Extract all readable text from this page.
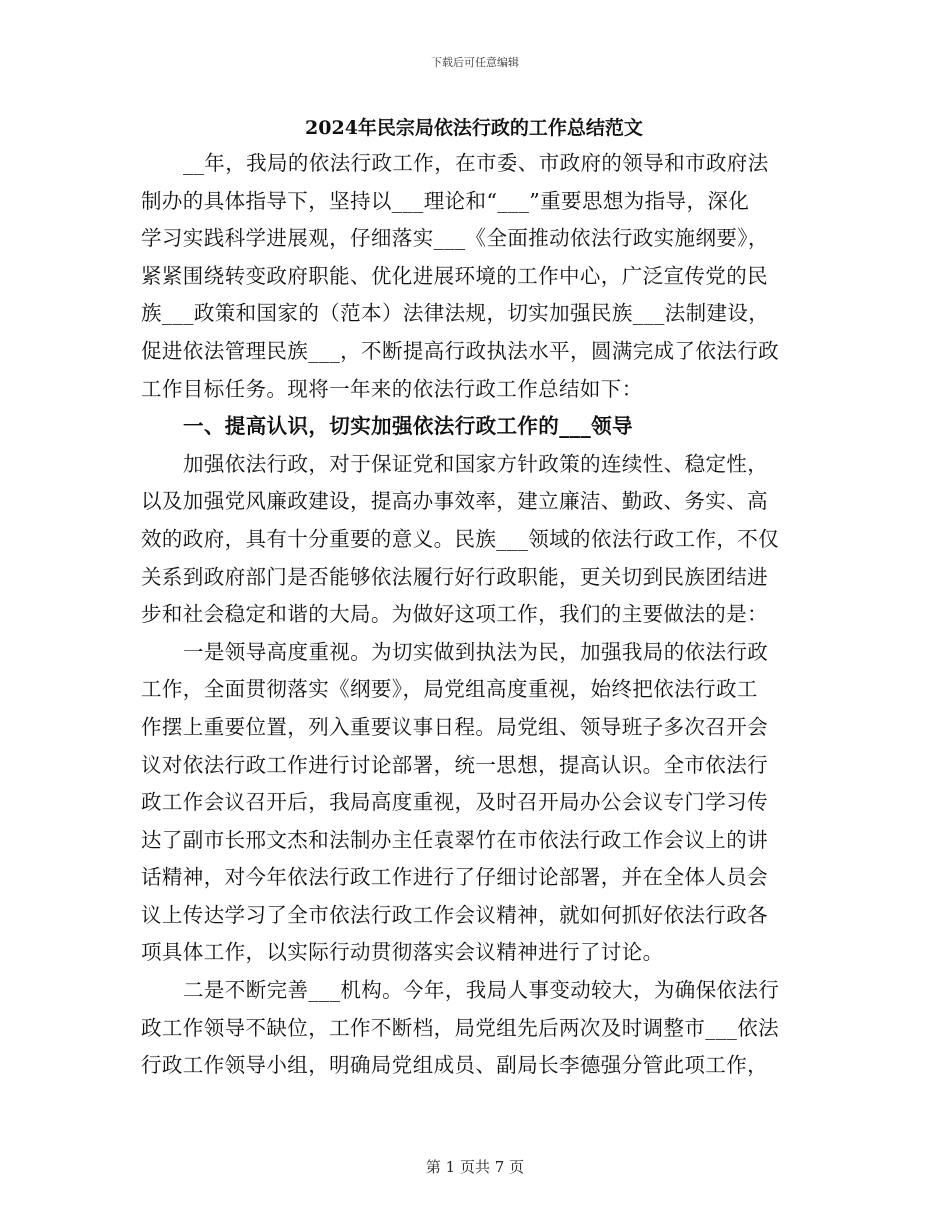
下载后可任意编辑
2024年民宗局依法行政的工作总结范文
__年，我局的依法行政工作，在市委、市政府的领导和市政府法
制办的具体指导下，坚持以___理论和“___”重要思想为指导，深化
学习实践科学进展观，仔细落实___《全面推动依法行政实施纲要》，
紧紧围绕转变政府职能、优化进展环境的工作中心，广泛宣传党的民
族___政策和国家的（范本）法律法规，切实加强民族___法制建设，
促进依法管理民族___，不断提高行政执法水平，圆满完成了依法行政
工作目标任务。现将一年来的依法行政工作总结如下：
一、提高认识，切实加强依法行政工作的___领导
加强依法行政，对于保证党和国家方针政策的连续性、稳定性，
以及加强党风廉政建设，提高办事效率，建立廉洁、勤政、务实、高
效的政府，具有十分重要的意义。民族___领域的依法行政工作，不仅
关系到政府部门是否能够依法履行好行政职能，更关切到民族团结进
步和社会稳定和谐的大局。为做好这项工作，我们的主要做法的是：
一是领导高度重视。为切实做到执法为民，加强我局的依法行政
工作，全面贯彻落实《纲要》，局党组高度重视，始终把依法行政工
作摆上重要位置，列入重要议事日程。局党组、领导班子多次召开会
议对依法行政工作进行讨论部署，统一思想，提高认识。全市依法行
政工作会议召开后，我局高度重视，及时召开局办公会议专门学习传
达了副市长邢文杰和法制办主任袁翠竹在市依法行政工作会议上的讲
话精神，对今年依法行政工作进行了仔细讨论部署，并在全体人员会
议上传达学习了全市依法行政工作会议精神，就如何抓好依法行政各
项具体工作，以实际行动贯彻落实会议精神进行了讨论。
二是不断完善___机构。今年，我局人事变动较大，为确保依法行
政工作领导不缺位，工作不断档，局党组先后两次及时调整市___依法
行政工作领导小组，明确局党组成员、副局长李德强分管此项工作，
第 1 页共 7 页
